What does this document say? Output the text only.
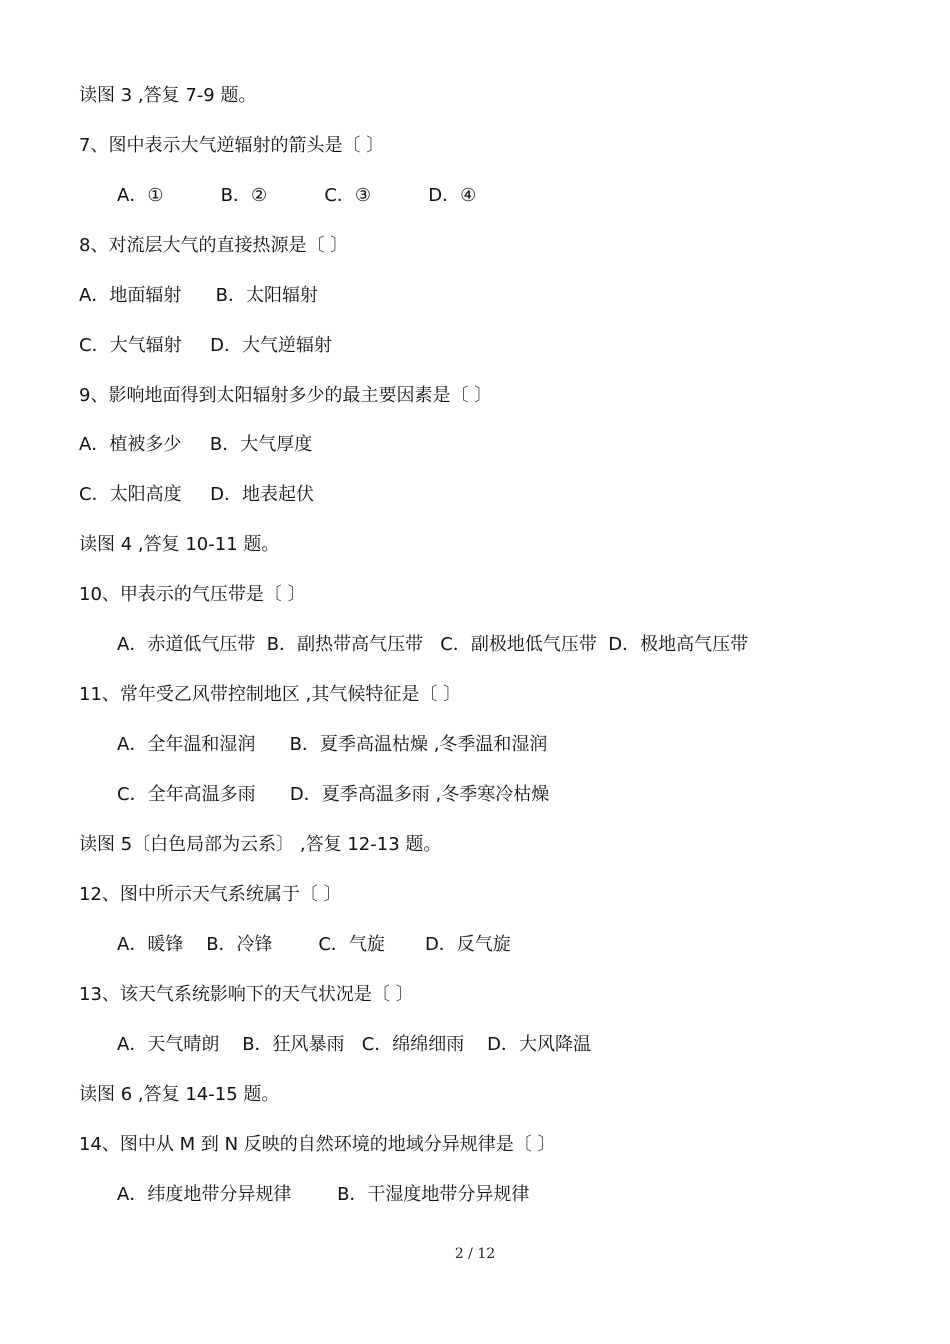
读图 3 ,答复 7-9 题。
7、图中表示大气逆辐射的箭头是〔 〕
A．①          B．②          C．③          D．④
8、对流层大气的直接热源是〔 〕
A．地面辐射      B．太阳辐射
C．大气辐射     D．大气逆辐射
9、影响地面得到太阳辐射多少的最主要因素是〔 〕
A．植被多少     B．大气厚度
C．太阳高度     D．地表起伏
读图 4 ,答复 10-11 题。
10、甲表示的气压带是〔 〕
A．赤道低气压带  B．副热带高气压带   C．副极地低气压带  D．极地高气压带
11、常年受乙风带控制地区 ,其气候特征是〔 〕
A．全年温和湿润      B．夏季高温枯燥 ,冬季温和湿润
C．全年高温多雨      D．夏季高温多雨 ,冬季寒冷枯燥
读图 5〔白色局部为云系〕 ,答复 12-13 题。
12、图中所示天气系统属于〔 〕
A．暖锋    B．冷锋        C．气旋       D．反气旋
13、该天气系统影响下的天气状况是〔 〕
A．天气晴朗    B．狂风暴雨   C．绵绵细雨    D．大风降温
读图 6 ,答复 14-15 题。
14、图中从 M 到 N 反映的自然环境的地域分异规律是〔 〕
A．纬度地带分异规律        B．干湿度地带分异规律
2 / 12
